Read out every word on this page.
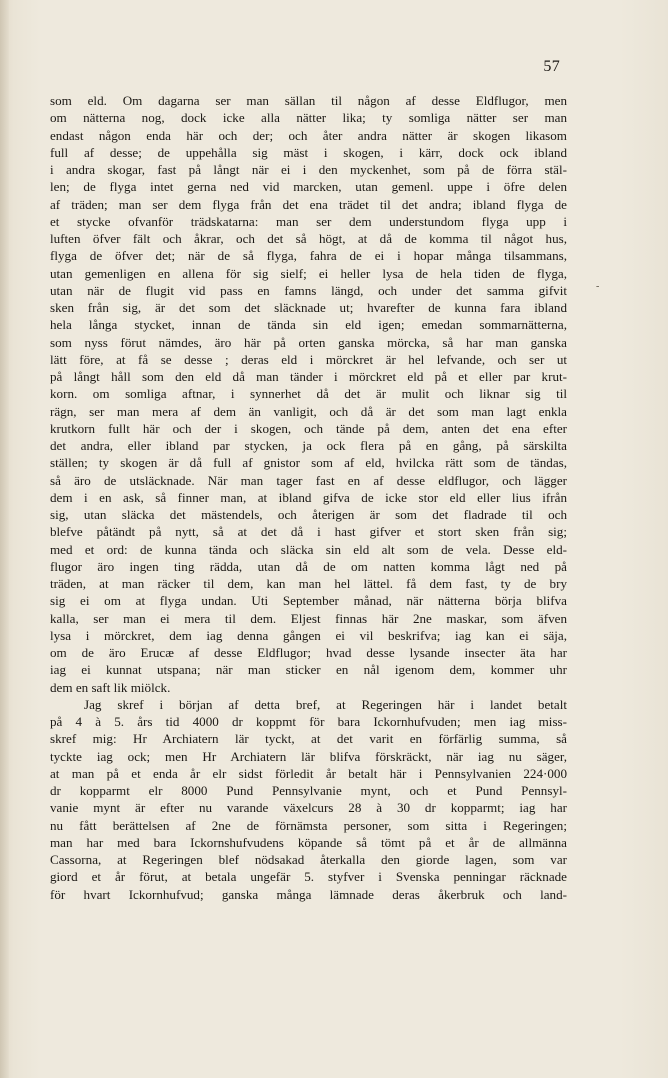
57
-
som eld. Om dagarna ser man sällan til någon af desse Eldflugor, men
om nätterna nog, dock icke alla nätter lika; ty somliga nätter ser man
endast någon enda här och der; och åter andra nätter är skogen likasom
full af desse; de uppehålla sig mäst i skogen, i kärr, dock ock ibland
i andra skogar, fast på långt när ei i den myckenhet, som på de förra stäl-
len; de flyga intet gerna ned vid marcken, utan gemenl. uppe i öfre delen
af träden; man ser dem flyga från det ena trädet til det andra; ibland flyga de
et stycke ofvanför trädskatarna: man ser dem understundom flyga upp i
luften öfver fält och åkrar, och det så högt, at då de komma til något hus,
flyga de öfver det; när de så flyga, fahra de ei i hopar många tilsammans,
utan gemenligen en allena för sig sielf; ei heller lysa de hela tiden de flyga,
utan när de flugit vid pass en famns längd, och under det samma gifvit
sken från sig, är det som det släcknade ut; hvarefter de kunna fara ibland
hela långa stycket, innan de tända sin eld igen; emedan sommarnätterna,
som nyss förut nämdes, äro här på orten ganska mörcka, så har man ganska
lätt före, at få se desse ; deras eld i mörckret är hel lefvande, och ser ut
på långt håll som den eld då man tänder i mörckret eld på et eller par krut-
korn. om somliga aftnar, i synnerhet då det är mulit och liknar sig til
rägn, ser man mera af dem än vanligit, och då är det som man lagt enkla
krutkorn fullt här och der i skogen, och tände på dem, anten det ena efter
det andra, eller ibland par stycken, ja ock flera på en gång, på särskilta
ställen; ty skogen är då full af gnistor som af eld, hvilcka rätt som de tändas,
så äro de utsläcknade. När man tager fast en af desse eldflugor, och lägger
dem i en ask, så finner man, at ibland gifva de icke stor eld eller lius ifrån
sig, utan släcka det mästendels, och återigen är som det fladrade til och
blefve påtändt på nytt, så at det då i hast gifver et stort sken från sig;
med et ord: de kunna tända och släcka sin eld alt som de vela. Desse eld-
flugor äro ingen ting rädda, utan då de om natten komma lågt ned på
träden, at man räcker til dem, kan man hel lättel. få dem fast, ty de bry
sig ei om at flyga undan. Uti September månad, när nätterna börja blifva
kalla, ser man ei mera til dem. Eljest finnas här 2ne maskar, som äfven
lysa i mörckret, dem iag denna gången ei vil beskrifva; iag kan ei säja,
om de äro Erucæ af desse Eldflugor; hvad desse lysande insecter äta har
iag ei kunnat utspana; när man sticker en nål igenom dem, kommer uhr
dem en saft lik miölck.
Jag skref i början af detta bref, at Regeringen här i landet betalt
på 4 à 5. års tid 4000 dr koppmt för bara Ickornhufvuden; men iag miss-
skref mig: Hr Archiatern lär tyckt, at det varit en förfärlig summa, så
tyckte iag ock; men Hr Archiatern lär blifva förskräckt, när iag nu säger,
at man på et enda år elr sidst förledit år betalt här i Pennsylvanien 224·000
dr kopparmt elr 8000 Pund Pennsylvanie mynt, och et Pund Pennsyl-
vanie mynt är efter nu varande växelcurs 28 à 30 dr kopparmt; iag har
nu fått berättelsen af 2ne de förnämsta personer, som sitta i Regeringen;
man har med bara Ickornshufvudens köpande så tömt på et år de allmänna
Cassorna, at Regeringen blef nödsakad återkalla den giorde lagen, som var
giord et år förut, at betala ungefär 5. styfver i Svenska penningar räcknade
för hvart Ickornhufvud; ganska många lämnade deras åkerbruk och land-
